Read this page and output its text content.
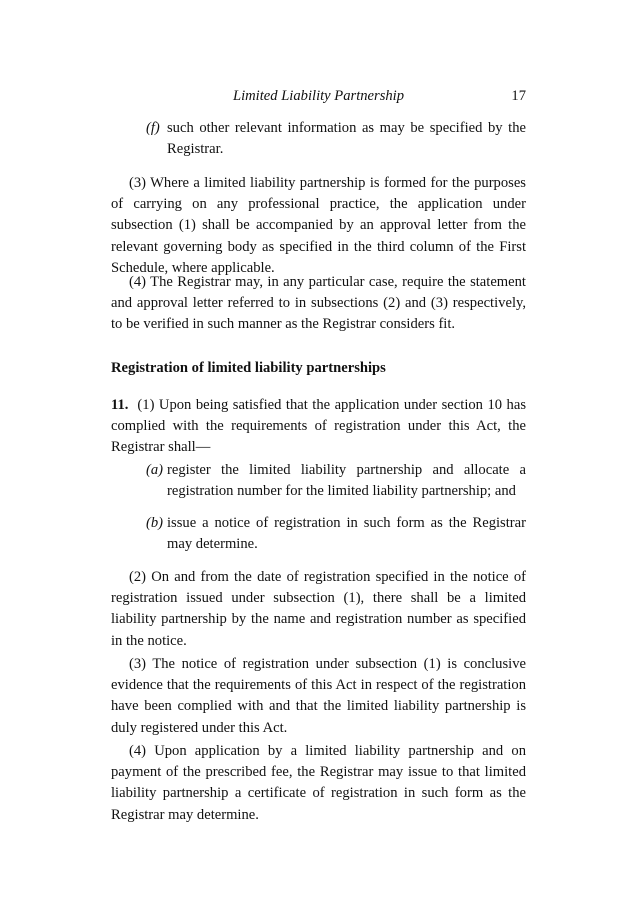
Limited Liability Partnership	17
(f) such other relevant information as may be specified by the Registrar.

(3) Where a limited liability partnership is formed for the purposes of carrying on any professional practice, the application under subsection (1) shall be accompanied by an approval letter from the relevant governing body as specified in the third column of the First Schedule, where applicable.

(4) The Registrar may, in any particular case, require the statement and approval letter referred to in subsections (2) and (3) respectively, to be verified in such manner as the Registrar considers fit.

Registration of limited liability partnerships
11. (1) Upon being satisfied that the application under section 10 has complied with the requirements of registration under this Act, the Registrar shall—
(a) register the limited liability partnership and allocate a registration number for the limited liability partnership; and
(b) issue a notice of registration in such form as the Registrar may determine.

(2) On and from the date of registration specified in the notice of registration issued under subsection (1), there shall be a limited liability partnership by the name and registration number as specified in the notice.

(3) The notice of registration under subsection (1) is conclusive evidence that the requirements of this Act in respect of the registration have been complied with and that the limited liability partnership is duly registered under this Act.

(4) Upon application by a limited liability partnership and on payment of the prescribed fee, the Registrar may issue to that limited liability partnership a certificate of registration in such form as the Registrar may determine.
